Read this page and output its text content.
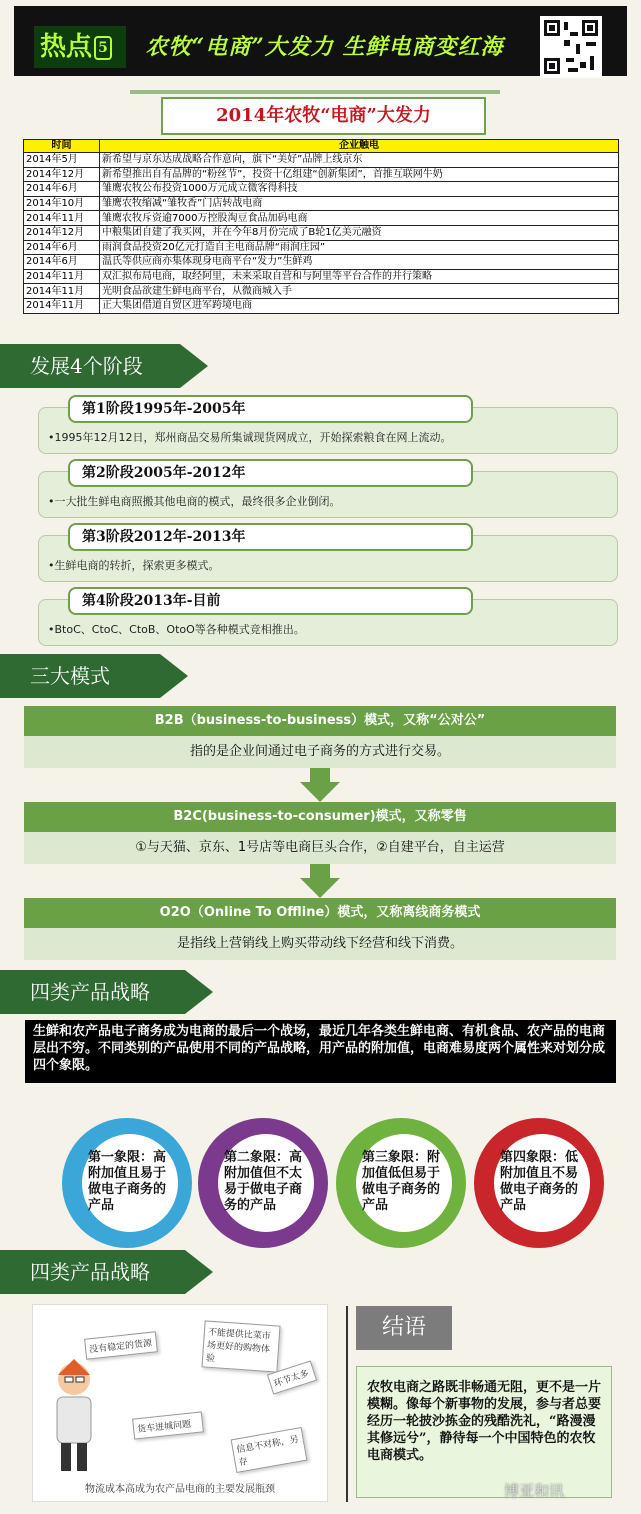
热点 5	农牧“电商”大发力 生鲜电商变红海
2014年农牧“电商”大发力
时间	企业触电
2014年5月	新希望与京东达成战略合作意向，旗下“美好”品牌上线京东
2014年12月	新希望推出自有品牌的“粉丝节”，投资十亿组建“创新集团”，首推互联网牛奶
2014年6月	雏鹰农牧公布投资1000万元成立微客得科技
2014年10月	雏鹰农牧缩减“雏牧香”门店转战电商
2014年11月	雏鹰农牧斥资逾7000万控股淘豆食品加码电商
2014年12月	中粮集团自建了我买网，并在今年8月份完成了B轮1亿美元融资
2014年6月	雨润食品投资20亿元打造自主电商品牌“雨润庄园”
2014年6月	温氏等供应商亦集体现身电商平台“发力”生鲜鸡
2014年11月	双汇拟布局电商，取经阿里，未来采取自营和与阿里等平台合作的并行策略
2014年11月	光明食品欲建生鲜电商平台，从微商城入手
2014年11月	正大集团借道自贸区进军跨境电商
发展4个阶段
•1995年12月12日，郑州商品交易所集诚现货网成立，开始探索粮食在网上流动。
第1阶段1995年-2005年
•一大批生鲜电商照搬其他电商的模式，最终很多企业倒闭。
第2阶段2005年-2012年
•生鲜电商的转折，探索更多模式。
第3阶段2012年-2013年
•BtoC、CtoC、CtoB、OtoO等各种模式竞相推出。
第4阶段2013年-目前
三大模式
B2B（business-to-business）模式，又称“公对公”
指的是企业间通过电子商务的方式进行交易。
B2C(business-to-consumer)模式，又称零售
①与天猫、京东、1号店等电商巨头合作，②自建平台，自主运营
O2O（Online To Offline）模式，又称离线商务模式
是指线上营销线上购买带动线下经营和线下消费。
四类产品战略
生鲜和农产品电子商务成为电商的最后一个战场，最近几年各类生鲜电商、有机食品、农产品的电商层出不穷。不同类别的产品使用不同的产品战略，用产品的附加值，电商难易度两个属性来对划分成四个象限。
第一象限：高附加值且易于做电子商务的产品
第二象限：高附加值但不太易于做电子商务的产品
第三象限：附加值低但易于做电子商务的产品
第四象限：低附加值且不易做电子商务的产品
四类产品战略
没有稳定的货源
不能提供比菜市场更好的购物体验
货车进城问题
信息不对称，另存
环节太多
物流成本高成为农产品电商的主要发展瓶颈
结语
农牧电商之路既非畅通无阻，更不是一片模糊。像每个新事物的发展，参与者总要经历一轮披沙拣金的残酷洗礼，“路漫漫其修远兮”，静待每一个中国特色的农牧电商模式。
博亚和讯
